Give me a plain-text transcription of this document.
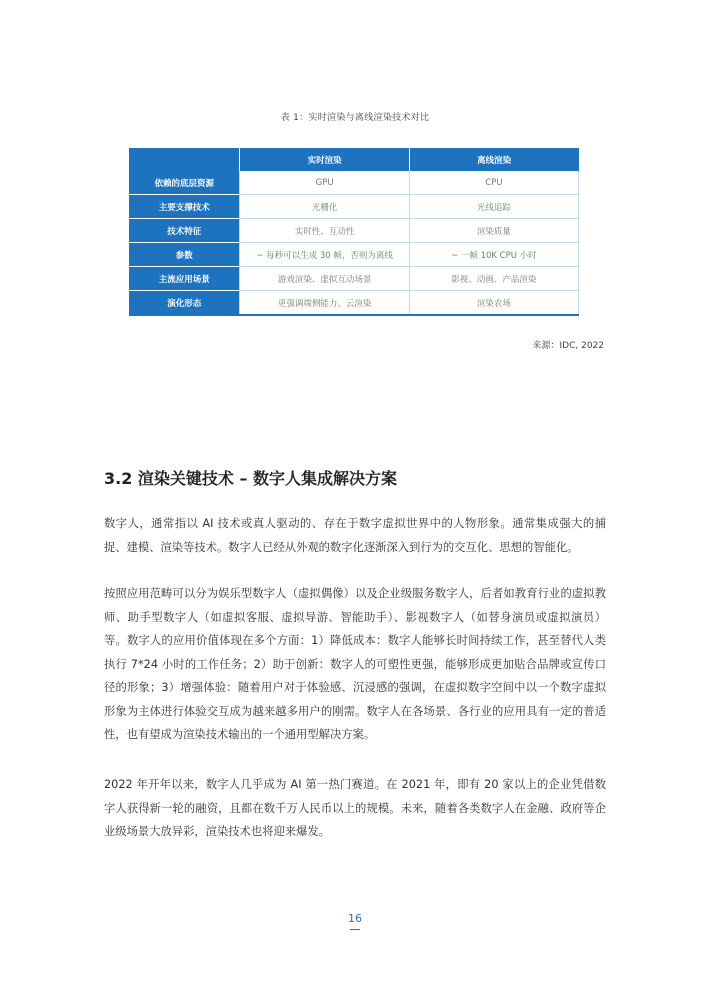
表 1：实时渲染与离线渲染技术对比
	实时渲染	离线渲染
依赖的底层资源	GPU	CPU
主要支撑技术	光栅化	光线追踪
技术特征	实时性、互动性	渲染质量
参数	~ 每秒可以生成 30 帧，否则为离线	~ 一帧 10K CPU 小时
主流应用场景	游戏渲染、虚拟互动场景	影视、动画、产品渲染
演化形态	更强调端侧能力、云渲染	渲染农场
来源：IDC, 2022
3.2 渲染关键技术 – 数字人集成解决方案

数字人，通常指以 AI 技术或真人驱动的、存在于数字虚拟世界中的人物形象。通常集成强大的捕捉、建模、渲染等技术。数字人已经从外观的数字化逐渐深入到行为的交互化、思想的智能化。

按照应用范畴可以分为娱乐型数字人（虚拟偶像）以及企业级服务数字人，后者如教育行业的虚拟教师、助手型数字人（如虚拟客服、虚拟导游、智能助手）、影视数字人（如替身演员或虚拟演员）等。数字人的应用价值体现在多个方面：1）降低成本：数字人能够长时间持续工作，甚至替代人类执行 7*24 小时的工作任务；2）助于创新：数字人的可塑性更强，能够形成更加贴合品牌或宣传口径的形象；3）增强体验：随着用户对于体验感、沉浸感的强调，在虚拟数字空间中以一个数字虚拟形象为主体进行体验交互成为越来越多用户的刚需。数字人在各场景、各行业的应用具有一定的普适性，也有望成为渲染技术输出的一个通用型解决方案。

2022 年开年以来，数字人几乎成为 AI 第一热门赛道。在 2021 年，即有 20 家以上的企业凭借数字人获得新一轮的融资，且都在数千万人民币以上的规模。未来，随着各类数字人在金融、政府等企业级场景大放异彩，渲染技术也将迎来爆发。

16
